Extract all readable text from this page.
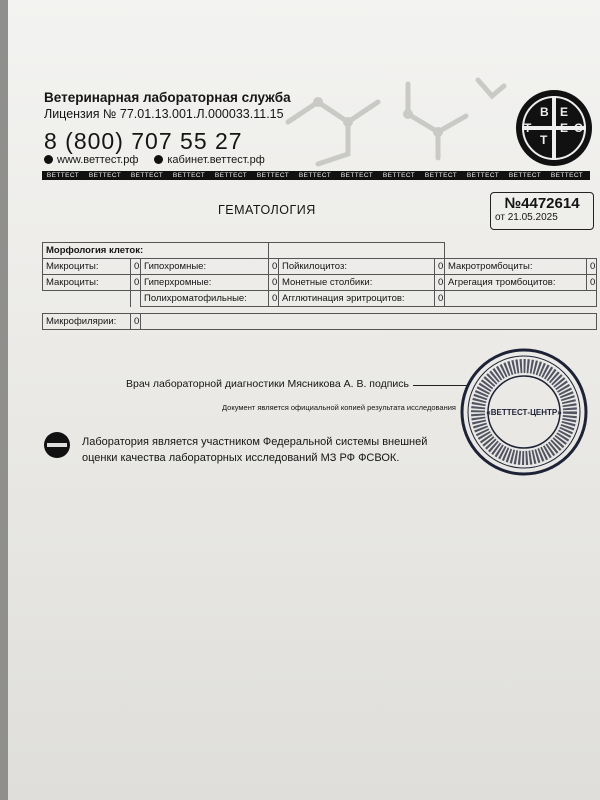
Ветеринарная лабораторная служба
Лицензия № 77.01.13.001.Л.000033.11.15
8 (800) 707 55 27
www.веттест.рф	кабинет.веттест.рф
В
Т
Т Е С
Е
ВЕТТЕСТ ВЕТТЕСТ ВЕТТЕСТ ВЕТТЕСТ ВЕТТЕСТ ВЕТТЕСТ ВЕТТЕСТ ВЕТТЕСТ ВЕТТЕСТ ВЕТТЕСТ ВЕТТЕСТ ВЕТТЕСТ ВЕТТЕСТ
ГЕМАТОЛОГИЯ	№4472614
от 21.05.2025
Морфология клеток:							
Микроциты:	0	Гипохромные:	0	Пойкилоцитоз:	0	Макротромбоциты:	0
Макроциты:	0	Гиперхромные:	0	Монетные столбики:	0	Агрегация тромбоцитов:	0
		Полихроматофильные:	0	Агглютинация эритроцитов:	0		

Микрофилярии:	0						
Врач лабораторной диагностики Мясникова А. В. подпись
Документ является официальной копией результата исследования
«ВЕТТЕСТ-ЦЕНТР»
Лаборатория является участником Федеральной системы внешней оценки качества лабораторных исследований МЗ РФ ФСВОК.
